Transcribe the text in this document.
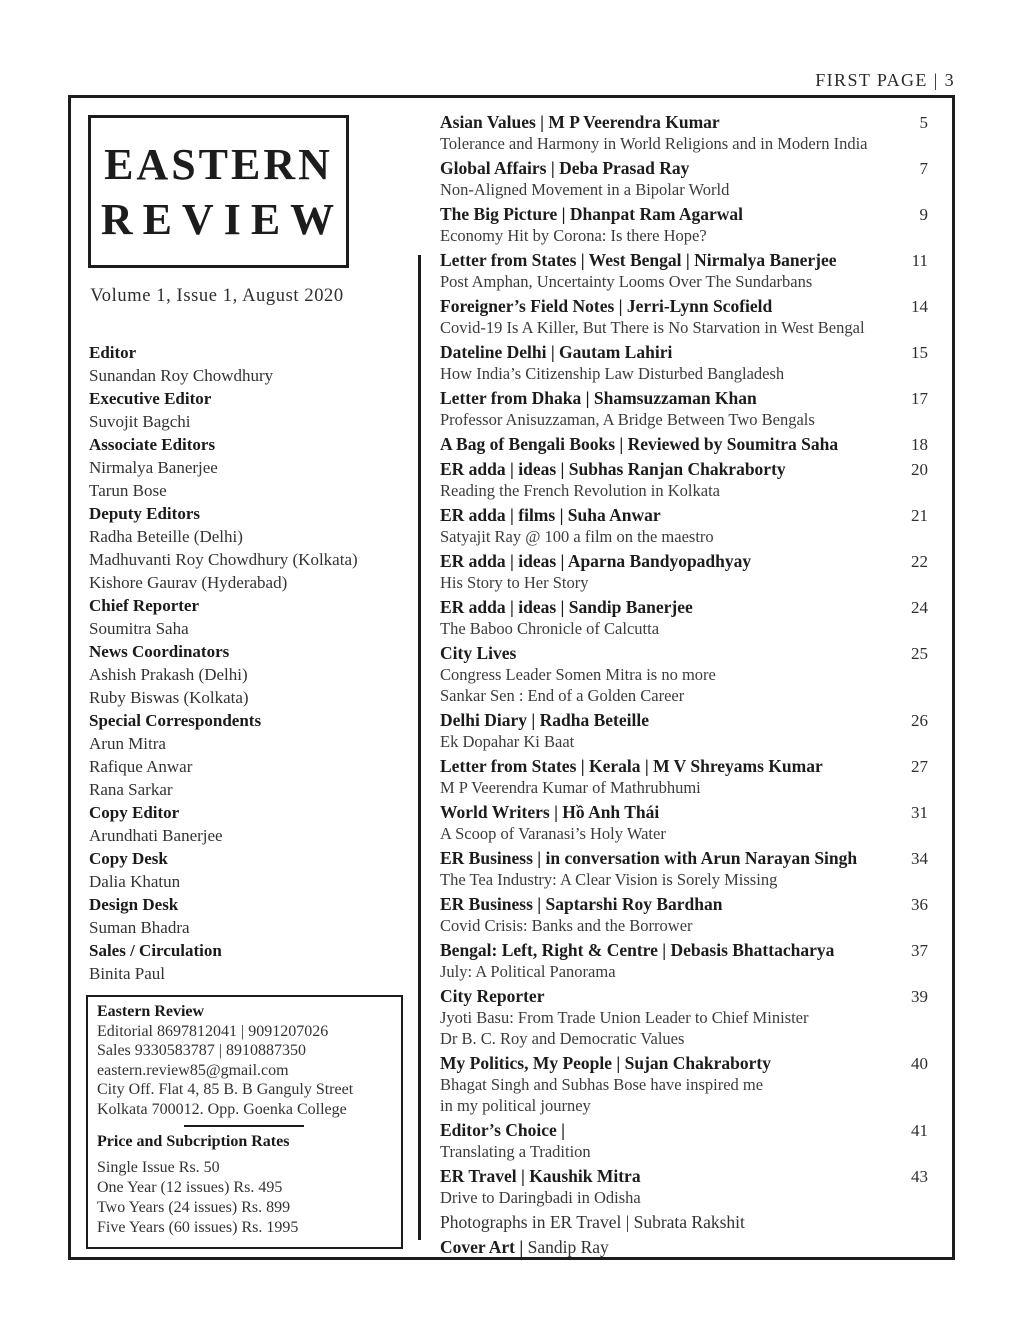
FIRST PAGE | 3
EASTERN
REVIEW
Volume 1, Issue 1, August 2020
Editor
Sunandan Roy Chowdhury
Executive Editor
Suvojit Bagchi
Associate Editors
Nirmalya Banerjee
Tarun Bose
Deputy Editors
Radha Beteille (Delhi)
Madhuvanti Roy Chowdhury (Kolkata)
Kishore Gaurav (Hyderabad)
Chief Reporter
Soumitra Saha
News Coordinators
Ashish Prakash (Delhi)
Ruby Biswas (Kolkata)
Special Correspondents
Arun Mitra
Rafique Anwar
Rana Sarkar
Copy Editor
Arundhati Banerjee
Copy Desk
Dalia Khatun
Design Desk
Suman Bhadra
Sales / Circulation
Binita Paul
Eastern Review
Editorial 8697812041 | 9091207026
Sales 9330583787 | 8910887350
eastern.review85@gmail.com
City Off. Flat 4, 85 B. B Ganguly Street
Kolkata 700012. Opp. Goenka College
Price and Subcription Rates
Single Issue Rs. 50
One Year (12 issues) Rs. 495
Two Years (24 issues) Rs. 899
Five Years (60 issues) Rs. 1995
Asian Values | M P Veerendra Kumar	5
Tolerance and Harmony in World Religions and in Modern India
Global Affairs | Deba Prasad Ray	7
Non-Aligned Movement in a Bipolar World
The Big Picture | Dhanpat Ram Agarwal	9
Economy Hit by Corona: Is there Hope?
Letter from States | West Bengal | Nirmalya Banerjee	11
Post Amphan, Uncertainty Looms Over The Sundarbans
Foreigner’s Field Notes | Jerri-Lynn Scofield	14
Covid-19 Is A Killer, But There is No Starvation in West Bengal
Dateline Delhi | Gautam Lahiri	15
How India’s Citizenship Law Disturbed Bangladesh
Letter from Dhaka | Shamsuzzaman Khan	17
Professor Anisuzzaman, A Bridge Between Two Bengals
A Bag of Bengali Books | Reviewed by Soumitra Saha	18
ER adda | ideas | Subhas Ranjan Chakraborty	20
Reading the French Revolution in Kolkata
ER adda | films | Suha Anwar	21
Satyajit Ray @ 100 a film on the maestro
ER adda | ideas | Aparna Bandyopadhyay	22
His Story to Her Story
ER adda | ideas | Sandip Banerjee	24
The Baboo Chronicle of Calcutta
City Lives	25
Congress Leader Somen Mitra is no more
Sankar Sen : End of a Golden Career
Delhi Diary | Radha Beteille	26
Ek Dopahar Ki Baat
Letter from States | Kerala | M V Shreyams Kumar	27
M P Veerendra Kumar of Mathrubhumi
World Writers | Hồ Anh Thái	31
A Scoop of Varanasi’s Holy Water
ER Business | in conversation with Arun Narayan Singh	34
The Tea Industry: A Clear Vision is Sorely Missing
ER Business | Saptarshi Roy Bardhan	36
Covid Crisis: Banks and the Borrower
Bengal: Left, Right & Centre | Debasis Bhattacharya	37
July: A Political Panorama
City Reporter	39
Jyoti Basu: From Trade Union Leader to Chief Minister
Dr B. C. Roy and Democratic Values
My Politics, My People | Sujan Chakraborty	40
Bhagat Singh and Subhas Bose have inspired me
in my political journey
Editor’s Choice |	41
Translating a Tradition
ER Travel | Kaushik Mitra	43
Drive to Daringbadi in Odisha
Photographs in ER Travel | Subrata Rakshit
Cover Art | Sandip Ray
